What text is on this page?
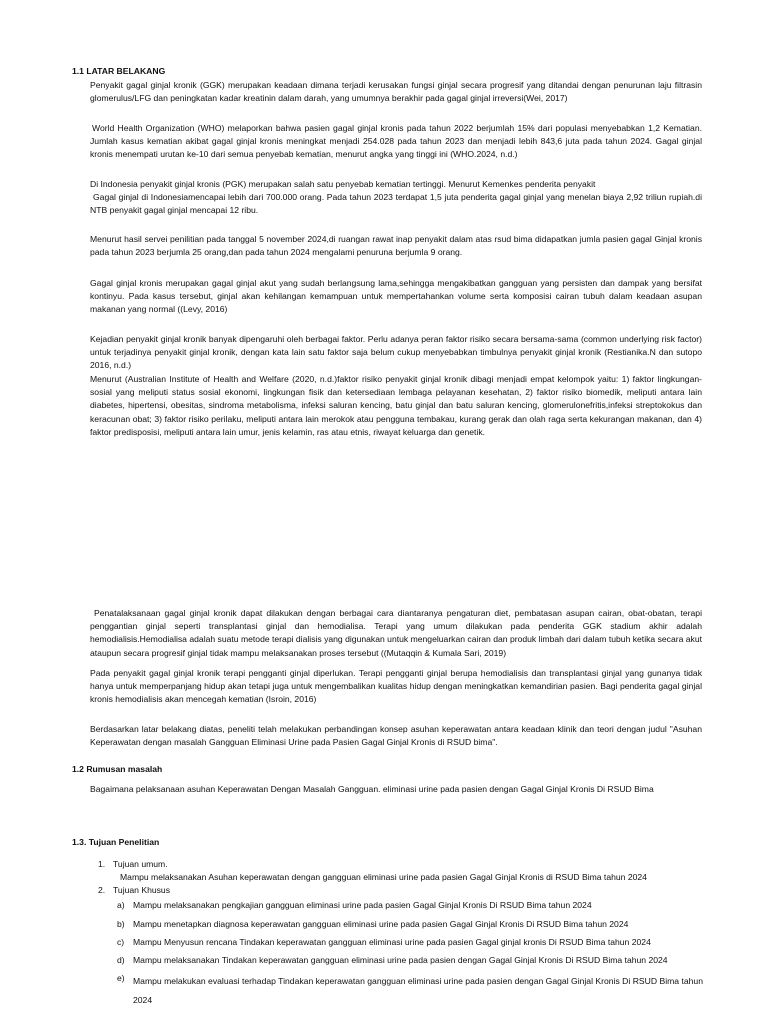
1.1 LATAR BELAKANG
Penyakit gagal ginjal kronik (GGK) merupakan keadaan dimana terjadi kerusakan fungsi ginjal secara progresif yang ditandai dengan penurunan laju filtrasin glomerulus/LFG dan peningkatan kadar kreatinin dalam darah, yang umumnya berakhir pada gagal ginjal irreversi(Wei, 2017)
World Health Organization (WHO) melaporkan bahwa pasien gagal ginjal kronis pada tahun 2022 berjumlah 15% dari populasi menyebabkan 1,2 Kematian. Jumlah kasus kematian akibat gagal ginjal kronis meningkat menjadi 254.028 pada tahun 2023 dan menjadi lebih 843,6 juta pada tahun 2024. Gagal ginjal kronis menempati urutan ke-10 dari semua penyebab kematian, menurut angka yang tinggi ini (WHO.2024, n.d.)
Di Indonesia penyakit ginjal kronis (PGK) merupakan salah satu penyebab kematian tertinggi. Menurut Kemenkes penderita penyakit
Gagal ginjal di Indonesiamencapai lebih dari 700.000 orang. Pada tahun 2023 terdapat 1,5 juta penderita gagal ginjal yang menelan biaya 2,92 triliun rupiah.di NTB penyakit gagal ginjal mencapai 12 ribu.
Menurut hasil servei penilitian pada tanggal 5 november 2024,di ruangan rawat inap penyakit dalam atas rsud bima didapatkan jumla pasien gagal Ginjal kronis pada tahun 2023 berjumla 25 orang,dan pada tahun 2024 mengalami penuruna berjumla 9 orang.
Gagal ginjal kronis merupakan gagal ginjal akut yang sudah berlangsung lama,sehingga mengakibatkan gangguan yang persisten dan dampak yang bersifat kontinyu. Pada kasus tersebut, ginjal akan kehilangan kemampuan untuk mempertahankan volume serta komposisi cairan tubuh dalam keadaan asupan makanan yang normal ((Levy, 2016)
Kejadian penyakit ginjal kronik banyak dipengaruhi oleh berbagai faktor. Perlu adanya peran faktor risiko secara bersama-sama (common underlying risk factor) untuk terjadinya penyakit ginjal kronik, dengan kata lain satu faktor saja belum cukup menyebabkan timbulnya penyakit ginjal kronik (Restianika.N dan sutopo 2016, n.d.)
Menurut (Australian Institute of Health and Welfare (2020, n.d.)faktor risiko penyakit ginjal kronik dibagi menjadi empat kelompok yaitu: 1) faktor lingkungan-sosial yang meliputi status sosial ekonomi, lingkungan fisik dan ketersediaan lembaga pelayanan kesehatan, 2) faktor risiko biomedik, meliputi antara lain diabetes, hipertensi, obesitas, sindroma metabolisma, infeksi saluran kencing, batu ginjal dan batu saluran kencing, glomerulonefritis,infeksi streptokokus dan keracunan obat; 3) faktor risiko perilaku, meliputi antara lain merokok atau pengguna tembakau, kurang gerak dan olah raga serta kekurangan makanan, dan 4) faktor predisposisi, meliputi antara lain umur, jenis kelamin, ras atau etnis, riwayat keluarga dan genetik.
Penatalaksanaan gagal ginjal kronik dapat dilakukan dengan berbagai cara diantaranya pengaturan diet, pembatasan asupan cairan, obat-obatan, terapi penggantian ginjal seperti transplantasi ginjal dan hemodialisa. Terapi yang umum dilakukan pada penderita GGK stadium akhir adalah hemodialisis.Hemodialisa adalah suatu metode terapi dialisis yang digunakan untuk mengeluarkan cairan dan produk limbah dari dalam tubuh ketika secara akut ataupun secara progresif ginjal tidak mampu melaksanakan proses tersebut ((Mutaqqin & Kumala Sari, 2019)
Pada penyakit gagal ginjal kronik terapi pengganti ginjal diperlukan. Terapi pengganti ginjal berupa hemodialisis dan transplantasi ginjal yang gunanya tidak hanya untuk memperpanjang hidup akan tetapi juga untuk mengembalikan kualitas hidup dengan meningkatkan kemandirian pasien. Bagi penderita gagal ginjal kronis hemodialisis akan mencegah kematian (Isroin, 2016)
Berdasarkan latar belakang diatas, peneliti telah melakukan perbandingan konsep asuhan keperawatan antara keadaan klinik dan teori dengan judul "Asuhan Keperawatan dengan masalah Gangguan Eliminasi Urine pada Pasien Gagal Ginjal Kronis di RSUD bima".
1.2 Rumusan masalah
Bagaimana pelaksanaan asuhan Keperawatan Dengan Masalah Gangguan. eliminasi urine pada pasien dengan Gagal Ginjal Kronis Di RSUD Bima
1.3. Tujuan Penelitian
1. Tujuan umum.
Mampu melaksanakan Asuhan keperawatan dengan gangguan eliminasi urine pada pasien Gagal Ginjal Kronis di RSUD Bima tahun 2024
2. Tujuan Khusus
a) Mampu melaksanakan pengkajian gangguan eliminasi urine pada pasien Gagal Ginjal Kronis Di RSUD Bima tahun 2024
b) Mampu menetapkan diagnosa keperawatan gangguan eliminasi urine pada pasien Gagal Ginjal Kronis Di RSUD Bima tahun 2024
c) Mampu Menyusun rencana Tindakan keperawatan gangguan eliminasi urine pada pasien Gagal ginjal kronis Di RSUD Bima tahun 2024
d) Mampu melaksanakan Tindakan keperawatan gangguan eliminasi urine pada pasien dengan Gagal Ginjal Kronis Di RSUD Bima tahun 2024
e) Mampu melakukan evaluasi terhadap Tindakan keperawatan gangguan eliminasi urine pada pasien dengan Gagal Ginjal Kronis Di RSUD Bima tahun 2024
